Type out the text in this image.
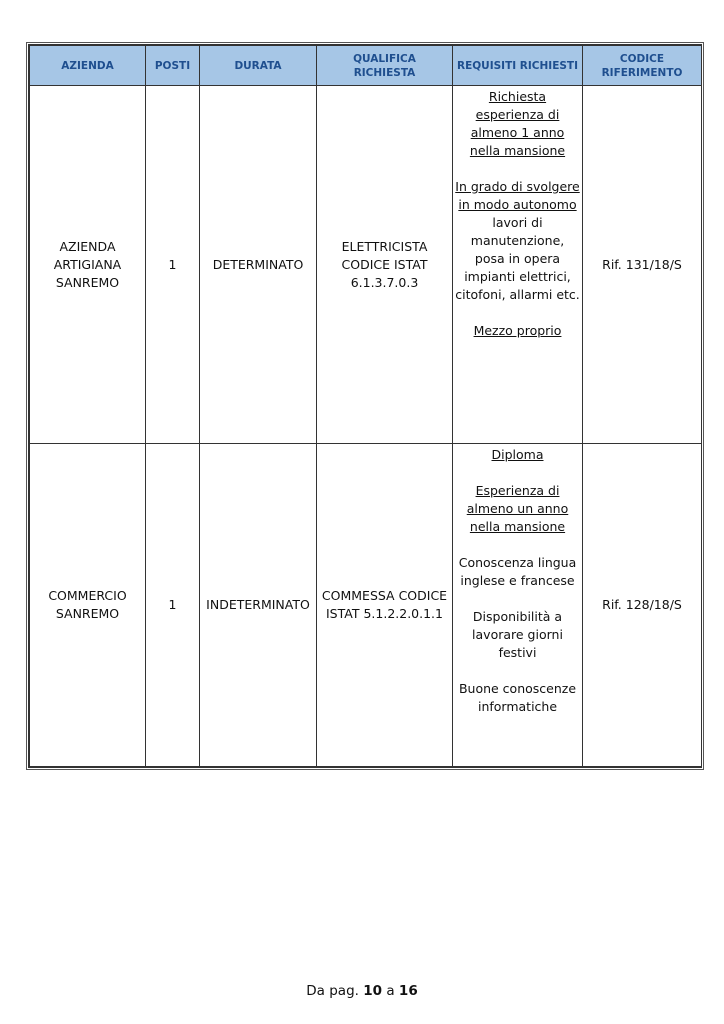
AZIENDA	POSTI	DURATA	QUALIFICA RICHIESTA	REQUISITI RICHIESTI	CODICE RIFERIMENTO
AZIENDA ARTIGIANA SANREMO	1	DETERMINATO	ELETTRICISTA CODICE ISTAT 6.1.3.7.0.3	Richiesta esperienza di almeno 1 anno nella mansione
In grado di svolgere in modo autonomo
lavori di manutenzione, posa in opera impianti elettrici, citofoni, allarmi etc.
Mezzo proprio	Rif. 131/18/S
COMMERCIO SANREMO	1	INDETERMINATO	COMMESSA CODICE ISTAT 5.1.2.2.0.1.1	Diploma
Esperienza di almeno un anno nella mansione
Conoscenza lingua inglese e francese
Disponibilità a lavorare giorni festivi
Buone conoscenze informatiche	Rif. 128/18/S
Da pag. 10 a 16
